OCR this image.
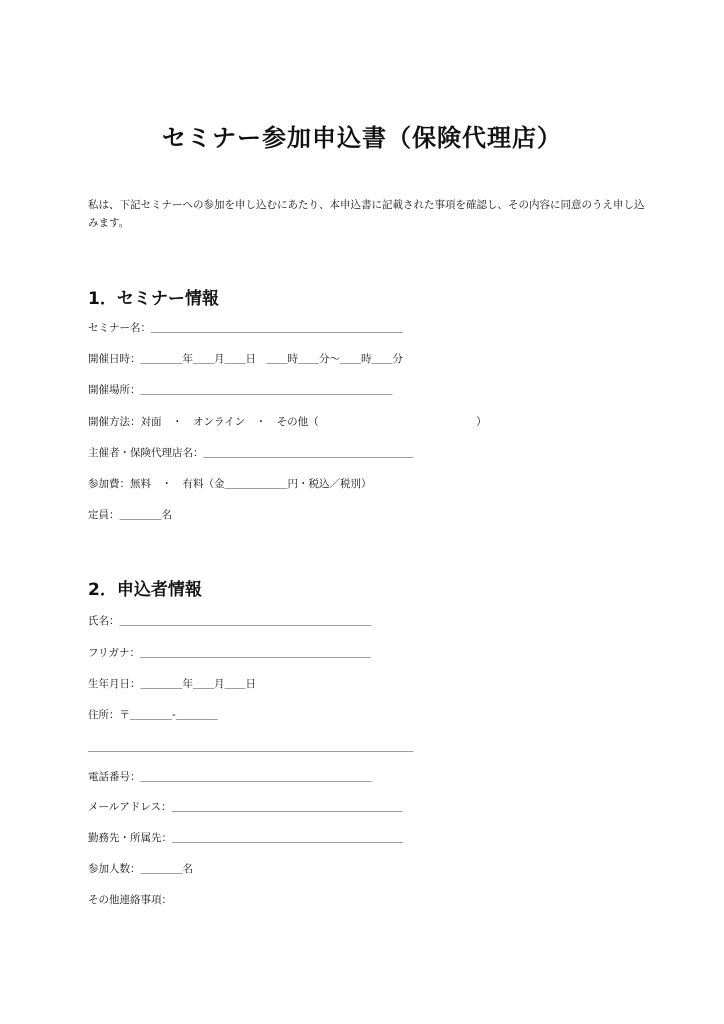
セミナー参加申込書（保険代理店）

私は、下記セミナーへの参加を申し込むにあたり、本申込書に記載された事項を確認し、その内容に同意のうえ申し込みます。

1．セミナー情報

セミナー名：＿＿＿＿＿＿＿＿＿＿＿＿＿＿＿＿＿＿＿＿＿＿＿＿

開催日時：＿＿＿＿年＿＿月＿＿日　＿＿時＿＿分～＿＿時＿＿分

開催場所：＿＿＿＿＿＿＿＿＿＿＿＿＿＿＿＿＿＿＿＿＿＿＿＿

開催方法：対面　・　オンライン　・　その他（　　　　　　　　　　　　　　　）

主催者・保険代理店名：＿＿＿＿＿＿＿＿＿＿＿＿＿＿＿＿＿＿＿＿

参加費：無料　・　有料（金＿＿＿＿＿＿円・税込／税別）

定員：＿＿＿＿名

2．申込者情報

氏名：＿＿＿＿＿＿＿＿＿＿＿＿＿＿＿＿＿＿＿＿＿＿＿＿

フリガナ：＿＿＿＿＿＿＿＿＿＿＿＿＿＿＿＿＿＿＿＿＿＿

生年月日：＿＿＿＿年＿＿月＿＿日

住所：〒＿＿＿＿-＿＿＿＿

＿＿＿＿＿＿＿＿＿＿＿＿＿＿＿＿＿＿＿＿＿＿＿＿＿＿＿＿＿＿＿

電話番号：＿＿＿＿＿＿＿＿＿＿＿＿＿＿＿＿＿＿＿＿＿＿

メールアドレス：＿＿＿＿＿＿＿＿＿＿＿＿＿＿＿＿＿＿＿＿＿＿

勤務先・所属先：＿＿＿＿＿＿＿＿＿＿＿＿＿＿＿＿＿＿＿＿＿＿

参加人数：＿＿＿＿名

その他連絡事項：
